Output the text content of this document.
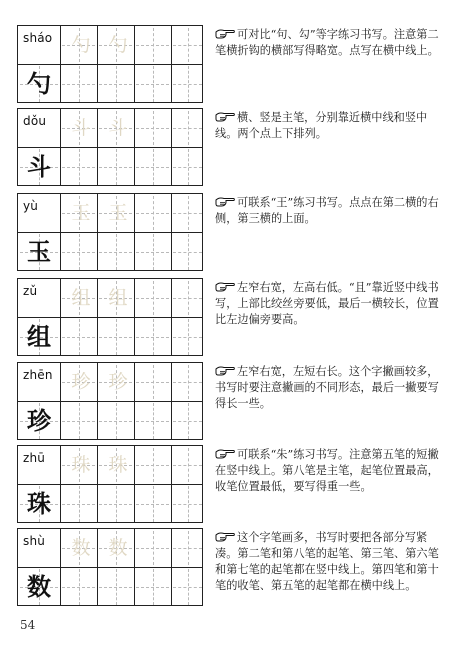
sháo
勺
勺 勺	可对比“句、勾”等字练习书写。注意第二笔横折钩的横部写得略宽。点写在横中线上。
dǒu
斗
斗 斗	横、竖是主笔，分别靠近横中线和竖中线。两个点上下排列。
yù
玉
玉 玉	可联系“王”练习书写。点点在第二横的右侧，第三横的上面。
zǔ
组
组 组	左窄右宽，左高右低。“且”靠近竖中线书写，上部比绞丝旁要低，最后一横较长，位置比左边偏旁要高。
zhēn
珍
珍 珍	左窄右宽，左短右长。这个字撇画较多，书写时要注意撇画的不同形态，最后一撇要写得长一些。
zhū
珠
珠 珠	可联系“朱”练习书写。注意第五笔的短撇在竖中线上。第八笔是主笔，起笔位置最高，收笔位置最低，要写得重一些。
shù
数
数 数	这个字笔画多，书写时要把各部分写紧凑。第二笔和第八笔的起笔、第三笔、第六笔和第七笔的起笔都在竖中线上。第四笔和第十笔的收笔、第五笔的起笔都在横中线上。
54
